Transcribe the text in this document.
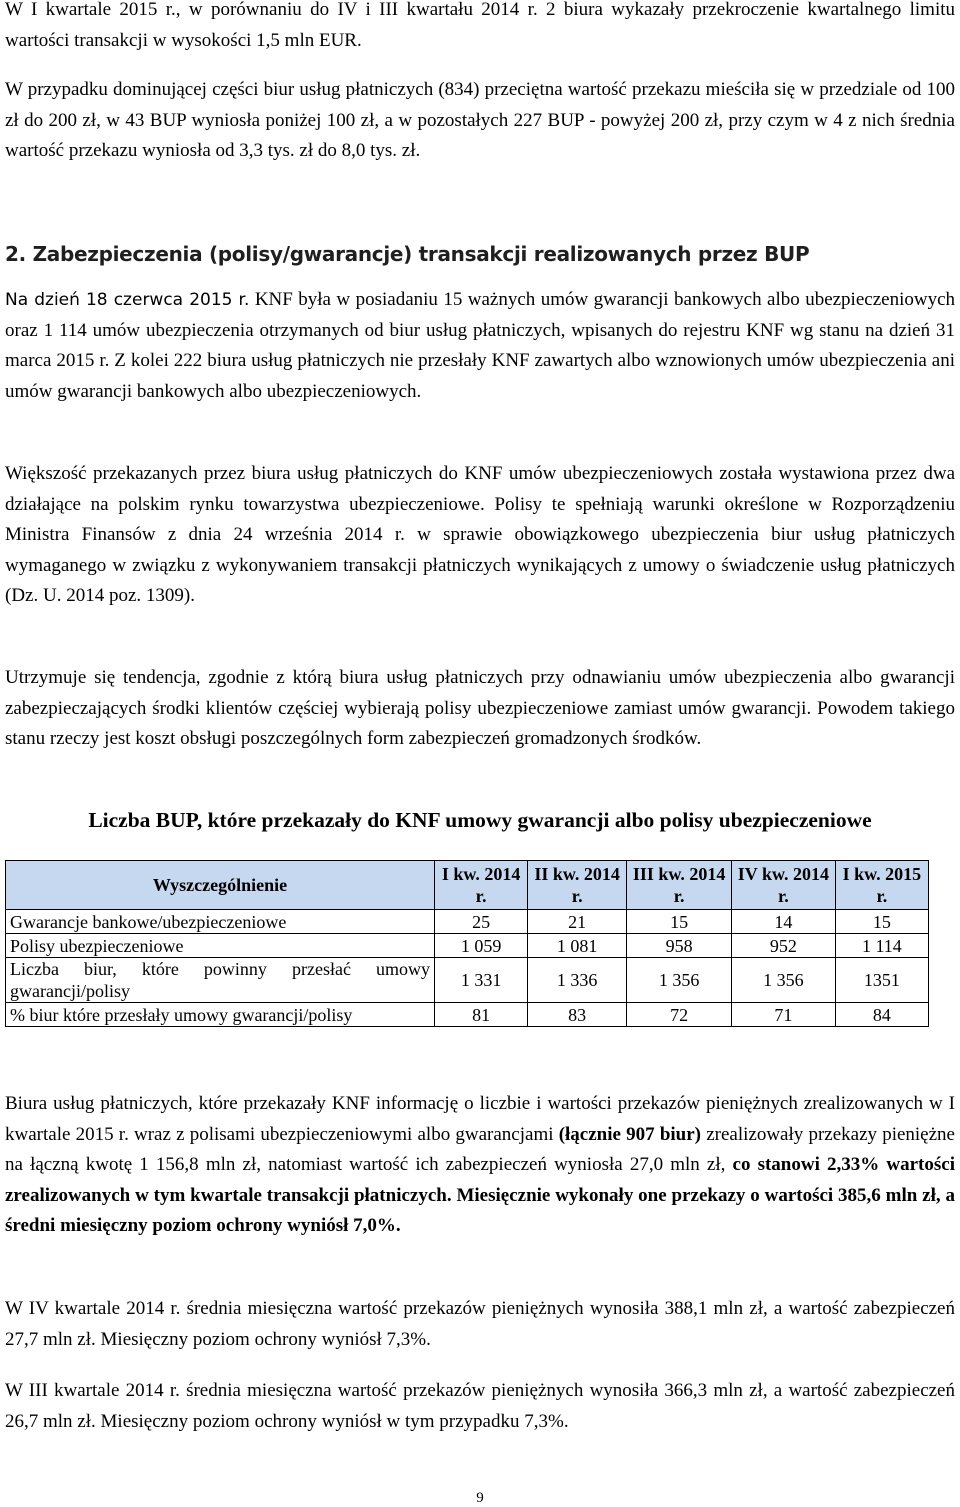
W I kwartale 2015 r., w porównaniu do IV i III kwartału 2014 r. 2 biura wykazały przekroczenie kwartalnego limitu wartości transakcji w wysokości 1,5 mln EUR.

W przypadku dominującej części biur usług płatniczych (834) przeciętna wartość przekazu mieściła się w przedziale od 100 zł do 200 zł, w 43 BUP wyniosła poniżej 100 zł, a w pozostałych 227 BUP - powyżej 200 zł, przy czym w 4 z nich średnia wartość przekazu wyniosła od 3,3 tys. zł do 8,0 tys. zł.

2. Zabezpieczenia (polisy/gwarancje) transakcji realizowanych przez BUP

Na dzień 18 czerwca 2015 r. KNF była w posiadaniu 15 ważnych umów gwarancji bankowych albo ubezpieczeniowych oraz 1 114 umów ubezpieczenia otrzymanych od biur usług płatniczych, wpisanych do rejestru KNF wg stanu na dzień 31 marca 2015 r. Z kolei 222 biura usług płatniczych nie przesłały KNF zawartych albo wznowionych umów ubezpieczenia ani umów gwarancji bankowych albo ubezpieczeniowych.

Większość przekazanych przez biura usług płatniczych do KNF umów ubezpieczeniowych została wystawiona przez dwa działające na polskim rynku towarzystwa ubezpieczeniowe. Polisy te spełniają warunki określone w Rozporządzeniu Ministra Finansów z dnia 24 września 2014 r. w sprawie obowiązkowego ubezpieczenia biur usług płatniczych wymaganego w związku z wykonywaniem transakcji płatniczych wynikających z umowy o świadczenie usług płatniczych (Dz. U. 2014 poz. 1309).

Utrzymuje się tendencja, zgodnie z którą biura usług płatniczych przy odnawianiu umów ubezpieczenia albo gwarancji zabezpieczających środki klientów częściej wybierają polisy ubezpieczeniowe zamiast umów gwarancji. Powodem takiego stanu rzeczy jest koszt obsługi poszczególnych form zabezpieczeń gromadzonych środków.

Liczba BUP, które przekazały do KNF umowy gwarancji albo polisy ubezpieczeniowe
Wyszczególnienie	I kw. 2014 r.	II kw. 2014 r.	III kw. 2014 r.	IV kw. 2014 r.	I kw. 2015 r.
Gwarancje bankowe/ubezpieczeniowe	25	21	15	14	15
Polisy ubezpieczeniowe	1 059	1 081	958	952	1 114
Liczba biur, które powinny przesłać umowy gwarancji/polisy	1 331	1 336	1 356	1 356	1351
% biur które przesłały umowy gwarancji/polisy	81	83	72	71	84

Biura usług płatniczych, które przekazały KNF informację o liczbie i wartości przekazów pieniężnych zrealizowanych w I kwartale 2015 r. wraz z polisami ubezpieczeniowymi albo gwarancjami (łącznie 907 biur) zrealizowały przekazy pieniężne na łączną kwotę 1 156,8 mln zł, natomiast wartość ich zabezpieczeń wyniosła 27,0 mln zł, co stanowi 2,33% wartości zrealizowanych w tym kwartale transakcji płatniczych. Miesięcznie wykonały one przekazy o wartości 385,6 mln zł, a średni miesięczny poziom ochrony wyniósł 7,0%.

W IV kwartale 2014 r. średnia miesięczna wartość przekazów pieniężnych wynosiła 388,1 mln zł, a wartość zabezpieczeń 27,7 mln zł. Miesięczny poziom ochrony wyniósł 7,3%.

W III kwartale 2014 r. średnia miesięczna wartość przekazów pieniężnych wynosiła 366,3 mln zł, a wartość zabezpieczeń 26,7 mln zł. Miesięczny poziom ochrony wyniósł w tym przypadku 7,3%.

9
